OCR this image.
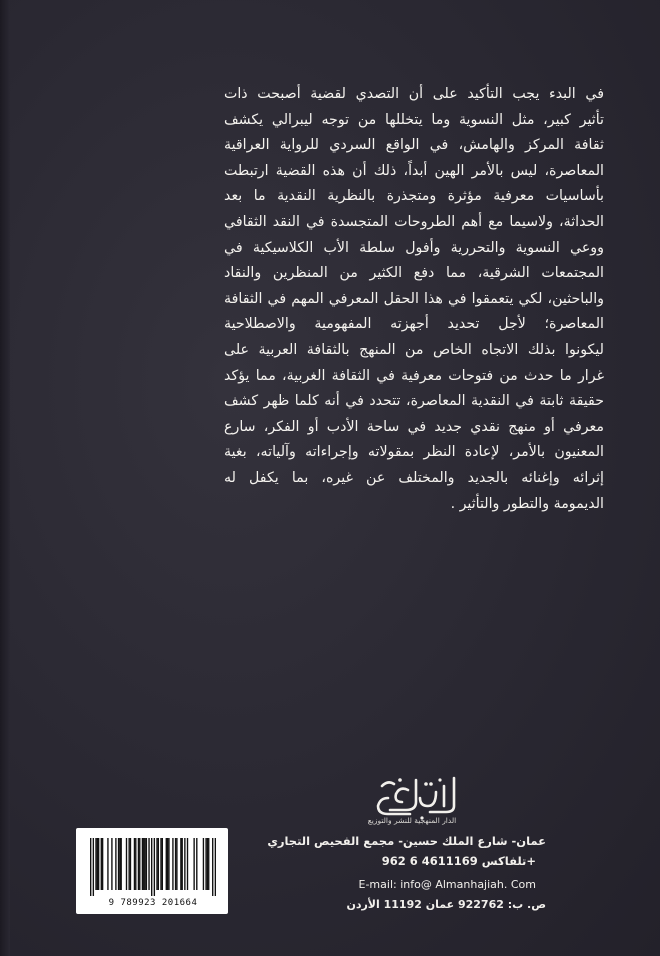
في البدء يجب التأكيد على أن التصدي لقضية أصبحت ذات
تأثير كبير، مثل النسوية وما يتخللها من توجه ليبرالي يكشف
ثقافة المركز والهامش، في الواقع السردي للرواية العراقية
المعاصرة، ليس بالأمر الهين أبداً، ذلك أن هذه القضية ارتبطت
بأساسيات معرفية مؤثرة ومتجذرة بالنظرية النقدية ما بعد
الحداثة، ولاسيما مع أهم الطروحات المتجسدة في النقد الثقافي
ووعي النسوية والتحررية وأفول سلطة الأب الكلاسيكية في
المجتمعات الشرقية، مما دفع الكثير من المنظرين والنقاد
والباحثين، لكي يتعمقوا في هذا الحقل المعرفي المهم في الثقافة
المعاصرة؛ لأجل تحديد أجهزته المفهومية والاصطلاحية
ليكونوا بذلك الاتجاه الخاص من المنهج بالثقافة العربية على
غرار ما حدث من فتوحات معرفية في الثقافة الغربية، مما يؤكد
حقيقة ثابتة في النقدية المعاصرة، تتحدد في أنه كلما ظهر كشف
معرفي أو منهج نقدي جديد في ساحة الأدب أو الفكر، سارع
المعنيون بالأمر، لإعادة النظر بمقولاته وإجراءاته وآلياته، بغية
إثرائه وإغنائه بالجديد والمختلف عن غيره، بما يكفل له
الديمومة والتطور والتأثير .
الدار المنهجية للنشر والتوزيع
عمان- شارع الملك حسين- مجمع الفحيص التجاري
تلفاكس 4611169 6 962+
E-mail: info@ Almanhajiah. Com
ص. ب: 922762 عمان 11192 الأردن
9 789923 201664
